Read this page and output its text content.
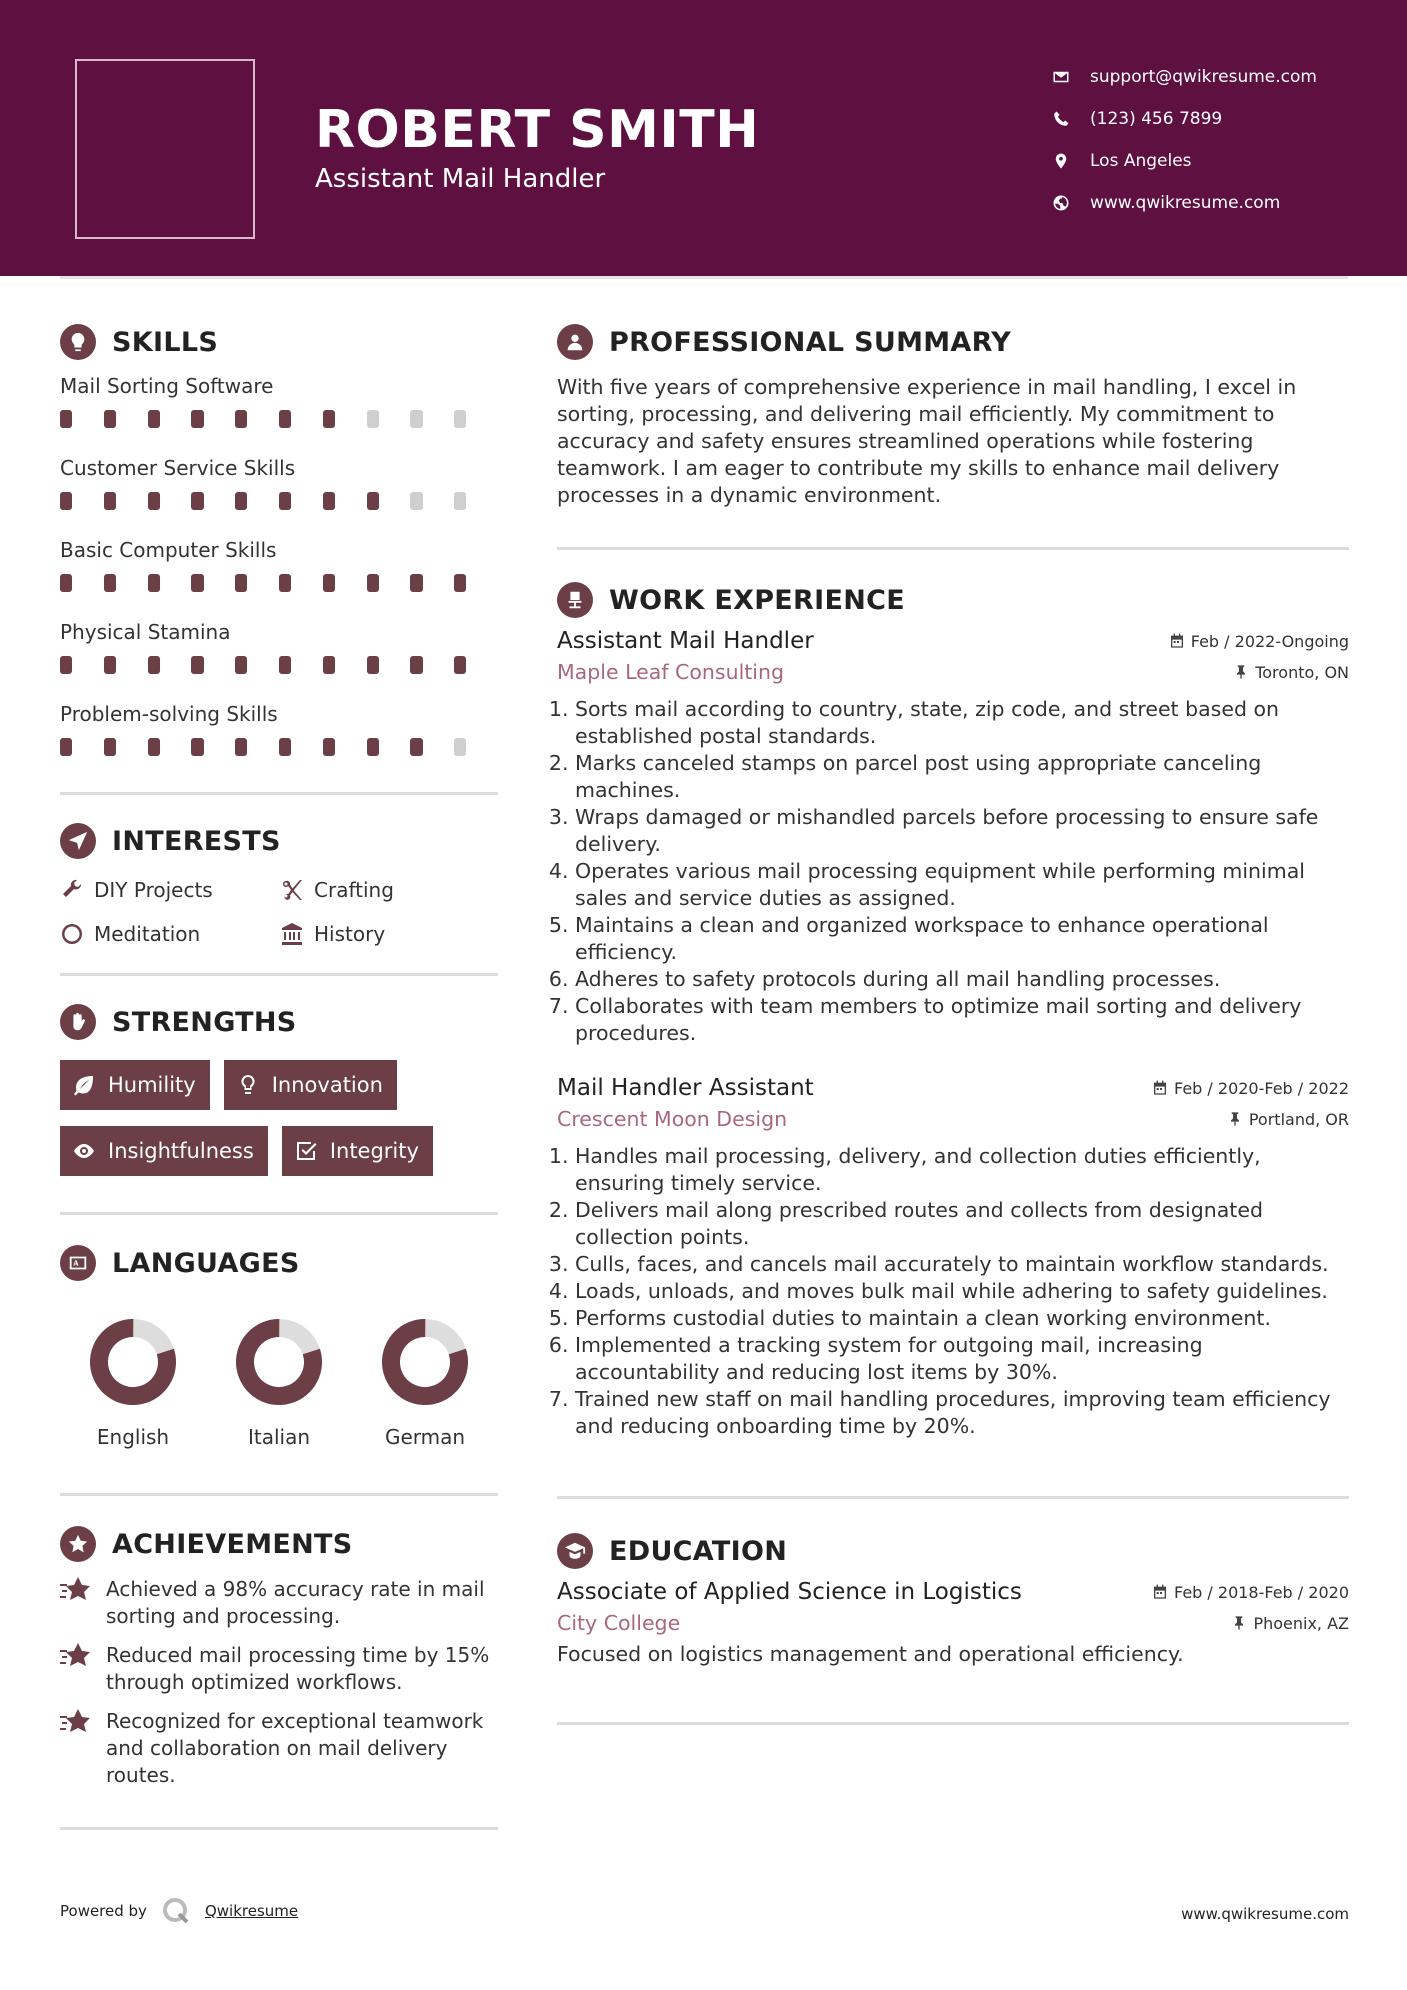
ROBERT SMITH
Assistant Mail Handler
support@qwikresume.com
(123) 456 7899
Los Angeles
www.qwikresume.com
SKILLS
Mail Sorting Software
Customer Service Skills
Basic Computer Skills
Physical Stamina
Problem-solving Skills
INTERESTS
DIY Projects	Crafting
Meditation	History
STRENGTHS
Humility	Innovation
Insightfulness	Integrity
LANGUAGES
English	Italian	German
ACHIEVEMENTS
Achieved a 98% accuracy rate in mail sorting and processing.
Reduced mail processing time by 15% through optimized workflows.
Recognized for exceptional teamwork and collaboration on mail delivery routes.
PROFESSIONAL SUMMARY
With five years of comprehensive experience in mail handling, I excel in sorting, processing, and delivering mail efficiently. My commitment to accuracy and safety ensures streamlined operations while fostering teamwork. I am eager to contribute my skills to enhance mail delivery processes in a dynamic environment.
WORK EXPERIENCE
Assistant Mail Handler	Feb / 2022-Ongoing
Maple Leaf Consulting	Toronto, ON
1. Sorts mail according to country, state, zip code, and street based on established postal standards.
2. Marks canceled stamps on parcel post using appropriate canceling machines.
3. Wraps damaged or mishandled parcels before processing to ensure safe delivery.
4. Operates various mail processing equipment while performing minimal sales and service duties as assigned.
5. Maintains a clean and organized workspace to enhance operational efficiency.
6. Adheres to safety protocols during all mail handling processes.
7. Collaborates with team members to optimize mail sorting and delivery procedures.
Mail Handler Assistant	Feb / 2020-Feb / 2022
Crescent Moon Design	Portland, OR
1. Handles mail processing, delivery, and collection duties efficiently, ensuring timely service.
2. Delivers mail along prescribed routes and collects from designated collection points.
3. Culls, faces, and cancels mail accurately to maintain workflow standards.
4. Loads, unloads, and moves bulk mail while adhering to safety guidelines.
5. Performs custodial duties to maintain a clean working environment.
6. Implemented a tracking system for outgoing mail, increasing accountability and reducing lost items by 30%.
7. Trained new staff on mail handling procedures, improving team efficiency and reducing onboarding time by 20%.
EDUCATION
Associate of Applied Science in Logistics	Feb / 2018-Feb / 2020
City College	Phoenix, AZ
Focused on logistics management and operational efficiency.
Powered by	Qwikresume	www.qwikresume.com
